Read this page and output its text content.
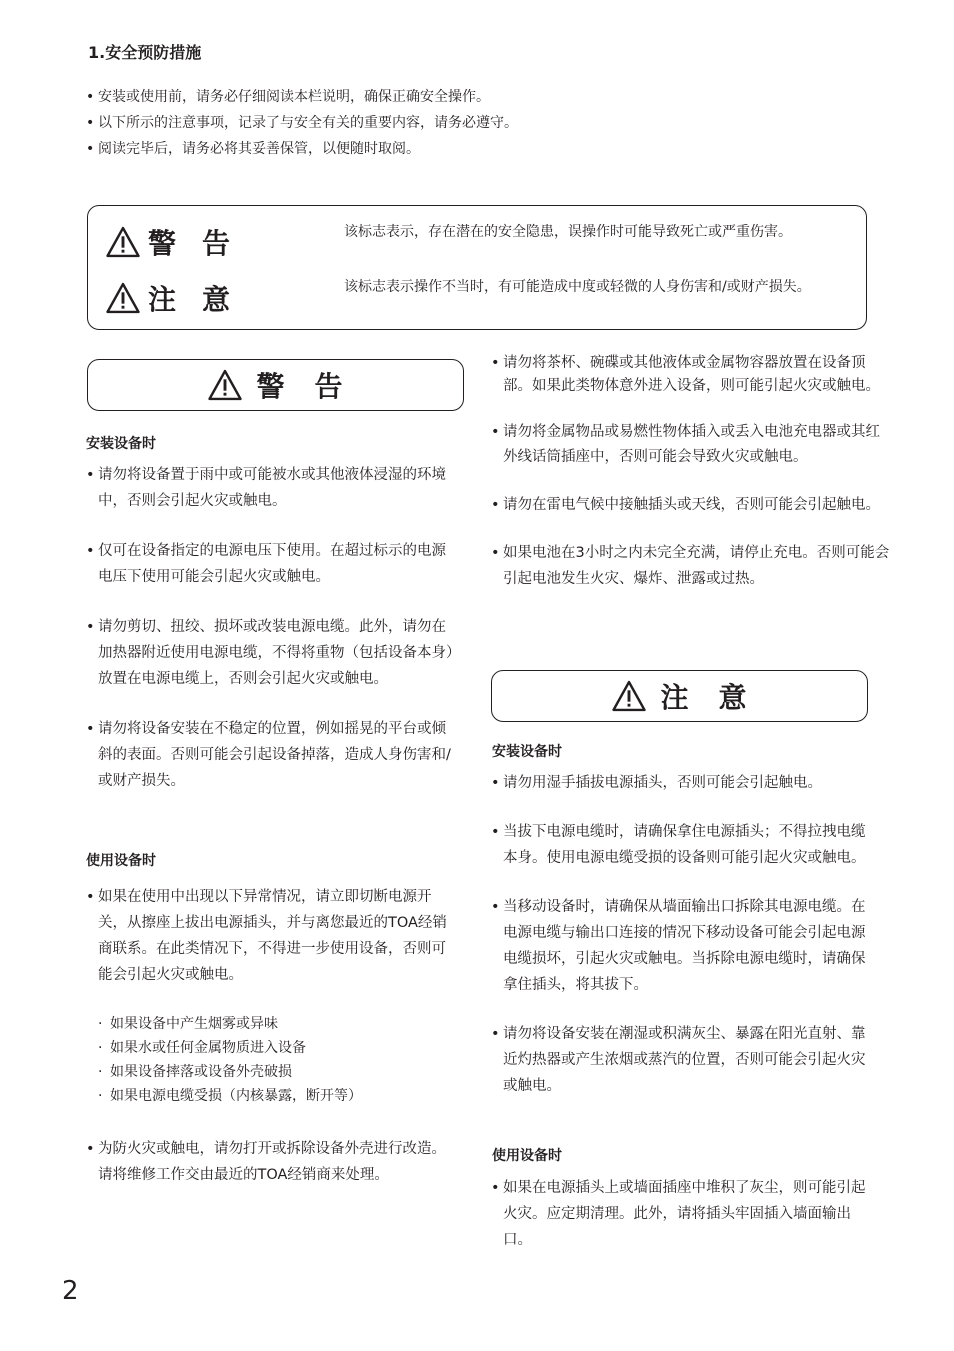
1.安全预防措施
• 安装或使用前，请务必仔细阅读本栏说明，确保正确安全操作。
• 以下所示的注意事项，记录了与安全有关的重要内容，请务必遵守。
• 阅读完毕后，请务必将其妥善保管，以便随时取阅。
警告	该标志表示，存在潜在的安全隐患，误操作时可能导致死亡或严重伤害。
注意	该标志表示操作不当时，有可能造成中度或轻微的人身伤害和/或财产损失。
警告
安装设备时
• 请勿将设备置于雨中或可能被水或其他液体浸湿的环境中，否则会引起火灾或触电。
• 仅可在设备指定的电源电压下使用。在超过标示的电源电压下使用可能会引起火灾或触电。
• 请勿剪切、扭绞、损坏或改装电源电缆。此外，请勿在加热器附近使用电源电缆，不得将重物（包括设备本身）放置在电源电缆上，否则会引起火灾或触电。
• 请勿将设备安装在不稳定的位置，例如摇晃的平台或倾斜的表面。否则可能会引起设备掉落，造成人身伤害和/或财产损失。
使用设备时
• 如果在使用中出现以下异常情况，请立即切断电源开关，从擦座上拔出电源插头，并与离您最近的TOA经销商联系。在此类情况下，不得进一步使用设备，否则可能会引起火灾或触电。
· 如果设备中产生烟雾或异味
· 如果水或任何金属物质进入设备
· 如果设备摔落或设备外壳破损
· 如果电源电缆受损（内核暴露，断开等）
• 为防火灾或触电，请勿打开或拆除设备外壳进行改造。请将维修工作交由最近的TOA经销商来处理。
• 请勿将茶杯、碗碟或其他液体或金属物容器放置在设备顶部。如果此类物体意外进入设备，则可能引起火灾或触电。
• 请勿将金属物品或易燃性物体插入或丢入电池充电器或其红外线话筒插座中，否则可能会导致火灾或触电。
• 请勿在雷电气候中接触插头或天线，否则可能会引起触电。
• 如果电池在3小时之内未完全充满，请停止充电。否则可能会引起电池发生火灾、爆炸、泄露或过热。
注意
安装设备时
• 请勿用湿手插拔电源插头，否则可能会引起触电。
• 当拔下电源电缆时，请确保拿住电源插头；不得拉拽电缆本身。使用电源电缆受损的设备则可能引起火灾或触电。
• 当移动设备时，请确保从墙面输出口拆除其电源电缆。在电源电缆与输出口连接的情况下移动设备可能会引起电源电缆损坏，引起火灾或触电。当拆除电源电缆时，请确保拿住插头，将其拔下。
• 请勿将设备安装在潮湿或积满灰尘、暴露在阳光直射、靠近灼热器或产生浓烟或蒸汽的位置，否则可能会引起火灾或触电。
使用设备时
• 如果在电源插头上或墙面插座中堆积了灰尘，则可能引起火灾。应定期清理。此外，请将插头牢固插入墙面输出口。
2
